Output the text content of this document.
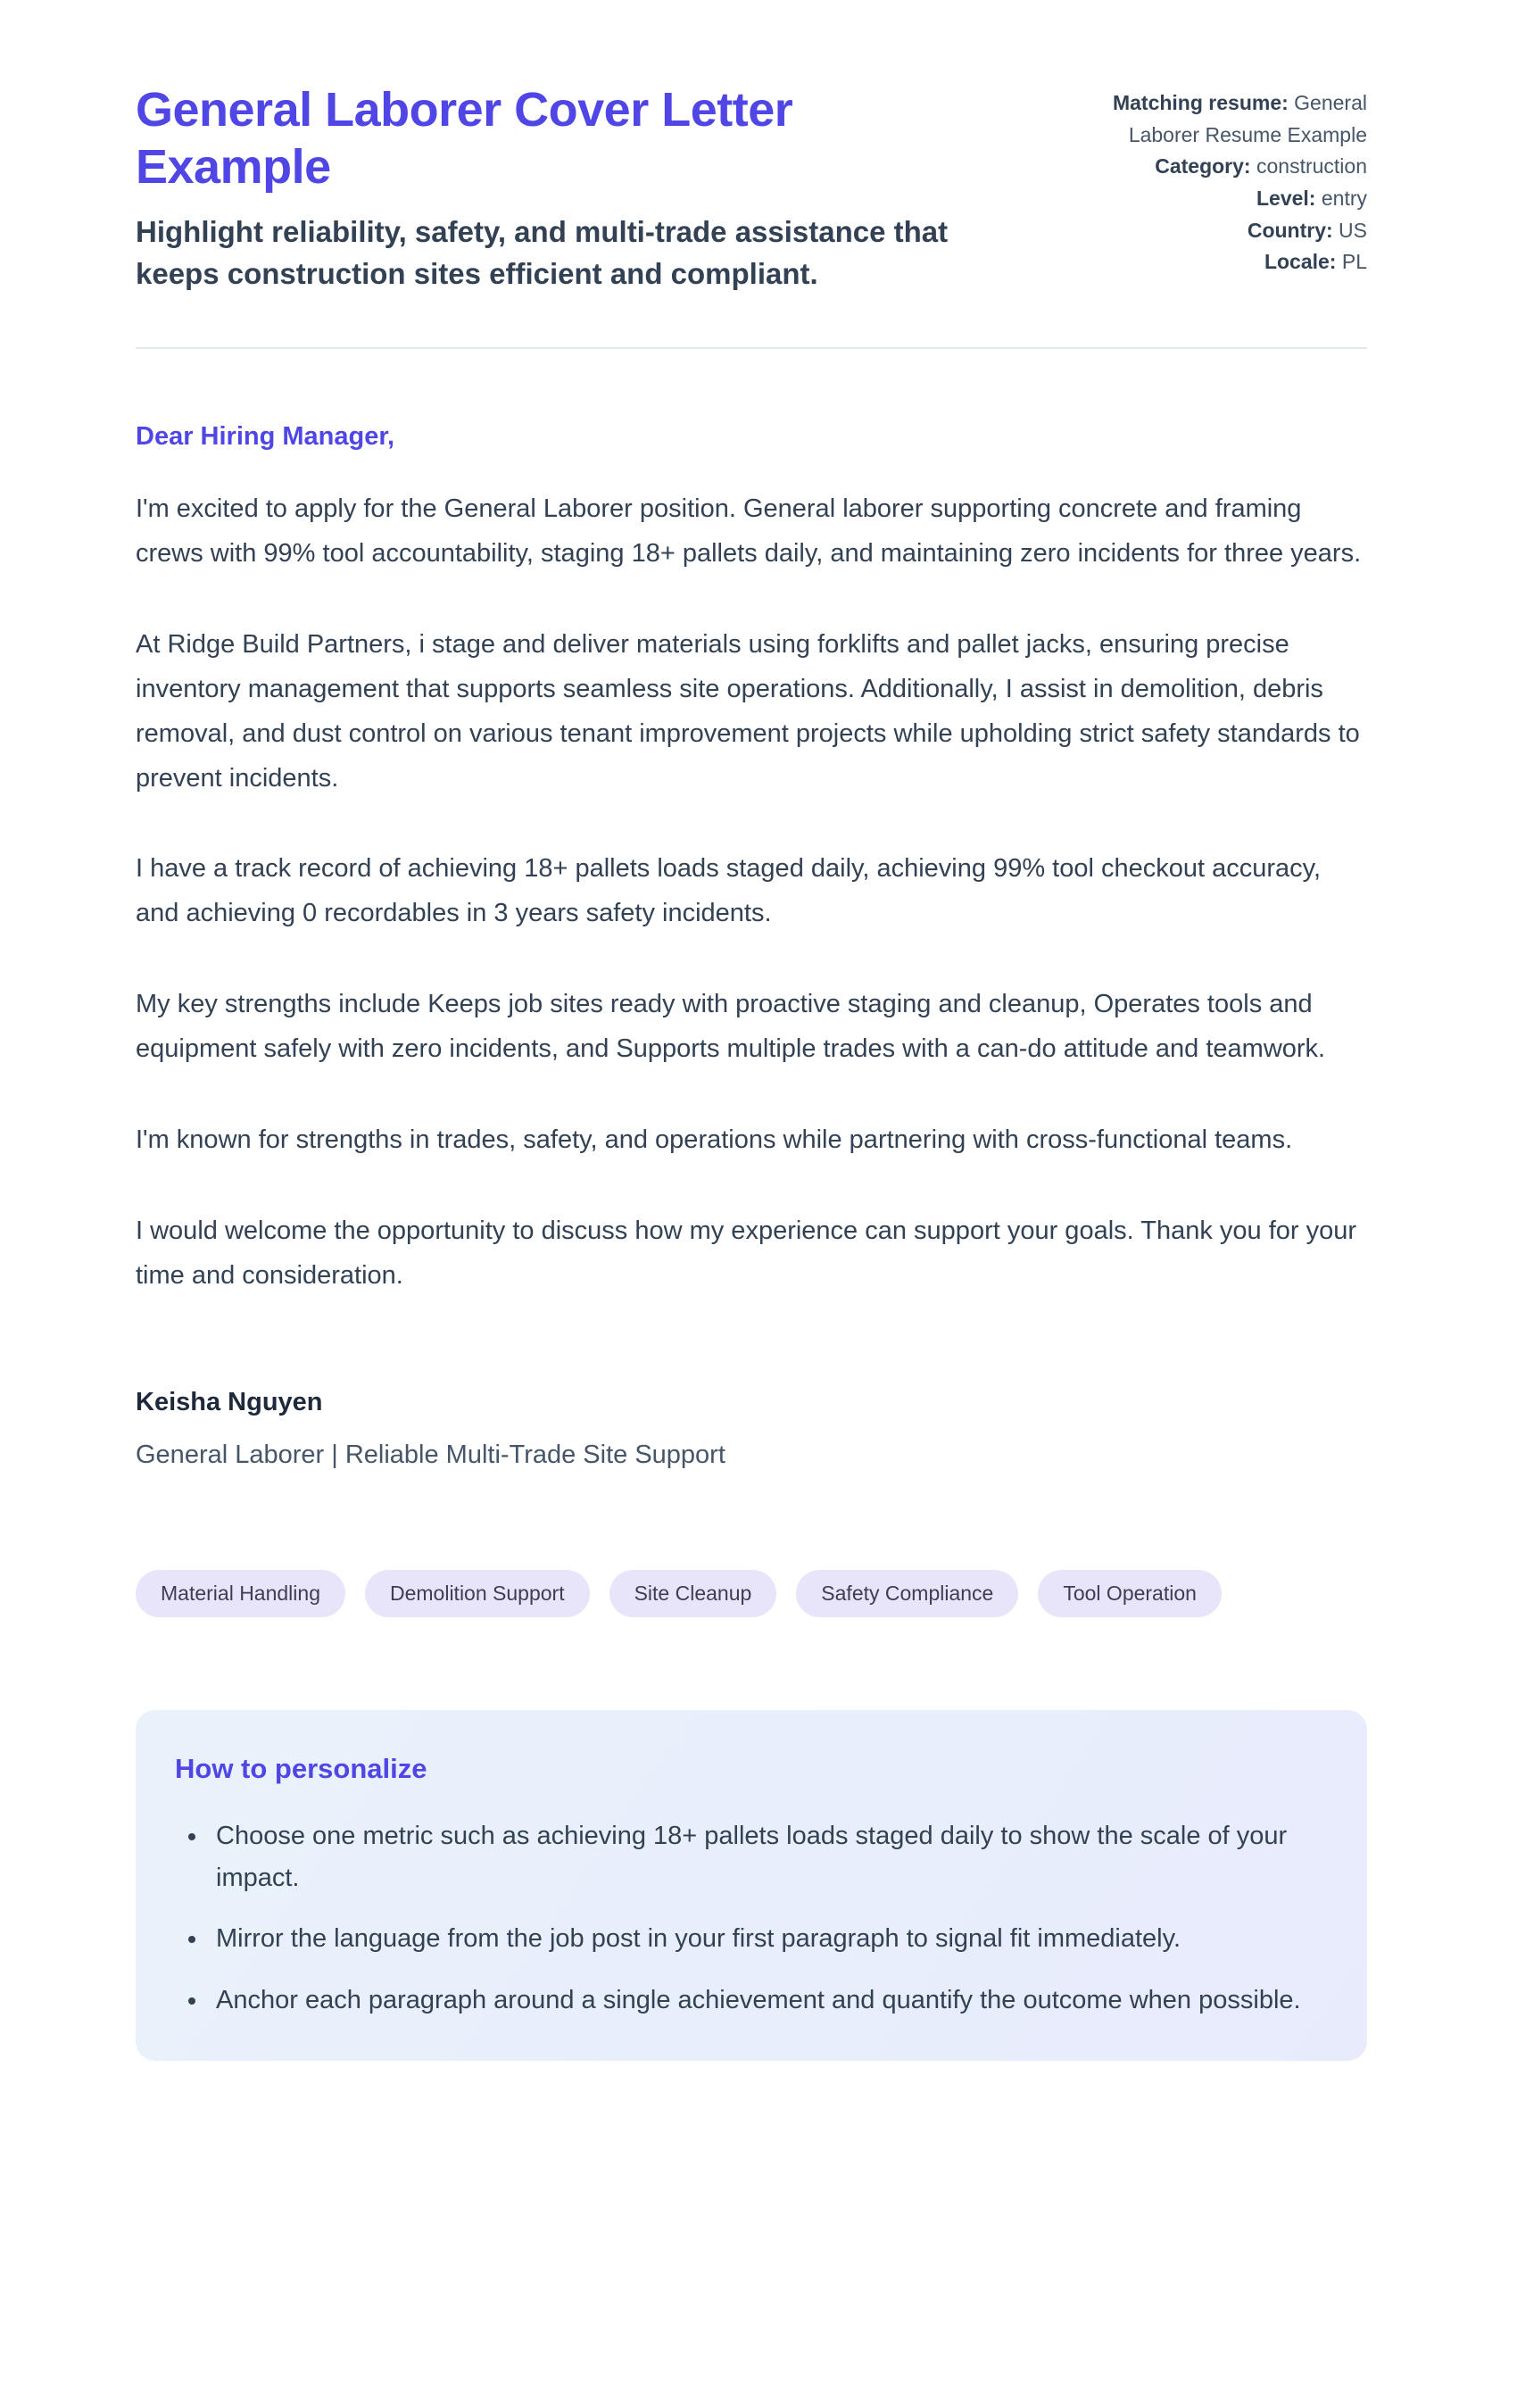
General Laborer Cover Letter Example

Highlight reliability, safety, and multi-trade assistance that keeps construction sites efficient and compliant.

Matching resume: General Laborer Resume Example
Category: construction
Level: entry
Country: US
Locale: PL

Dear Hiring Manager,

I'm excited to apply for the General Laborer position. General laborer supporting concrete and framing crews with 99% tool accountability, staging 18+ pallets daily, and maintaining zero incidents for three years.

At Ridge Build Partners, i stage and deliver materials using forklifts and pallet jacks, ensuring precise inventory management that supports seamless site operations. Additionally, I assist in demolition, debris removal, and dust control on various tenant improvement projects while upholding strict safety standards to prevent incidents.

I have a track record of achieving 18+ pallets loads staged daily, achieving 99% tool checkout accuracy, and achieving 0 recordables in 3 years safety incidents.

My key strengths include Keeps job sites ready with proactive staging and cleanup, Operates tools and equipment safely with zero incidents, and Supports multiple trades with a can-do attitude and teamwork.

I'm known for strengths in trades, safety, and operations while partnering with cross-functional teams.

I would welcome the opportunity to discuss how my experience can support your goals. Thank you for your time and consideration.

Keisha Nguyen

General Laborer | Reliable Multi-Trade Site Support

Material Handling	Demolition Support	Site Cleanup	Safety Compliance	Tool Operation
How to personalize
• Choose one metric such as achieving 18+ pallets loads staged daily to show the scale of your impact.
• Mirror the language from the job post in your first paragraph to signal fit immediately.
• Anchor each paragraph around a single achievement and quantify the outcome when possible.
